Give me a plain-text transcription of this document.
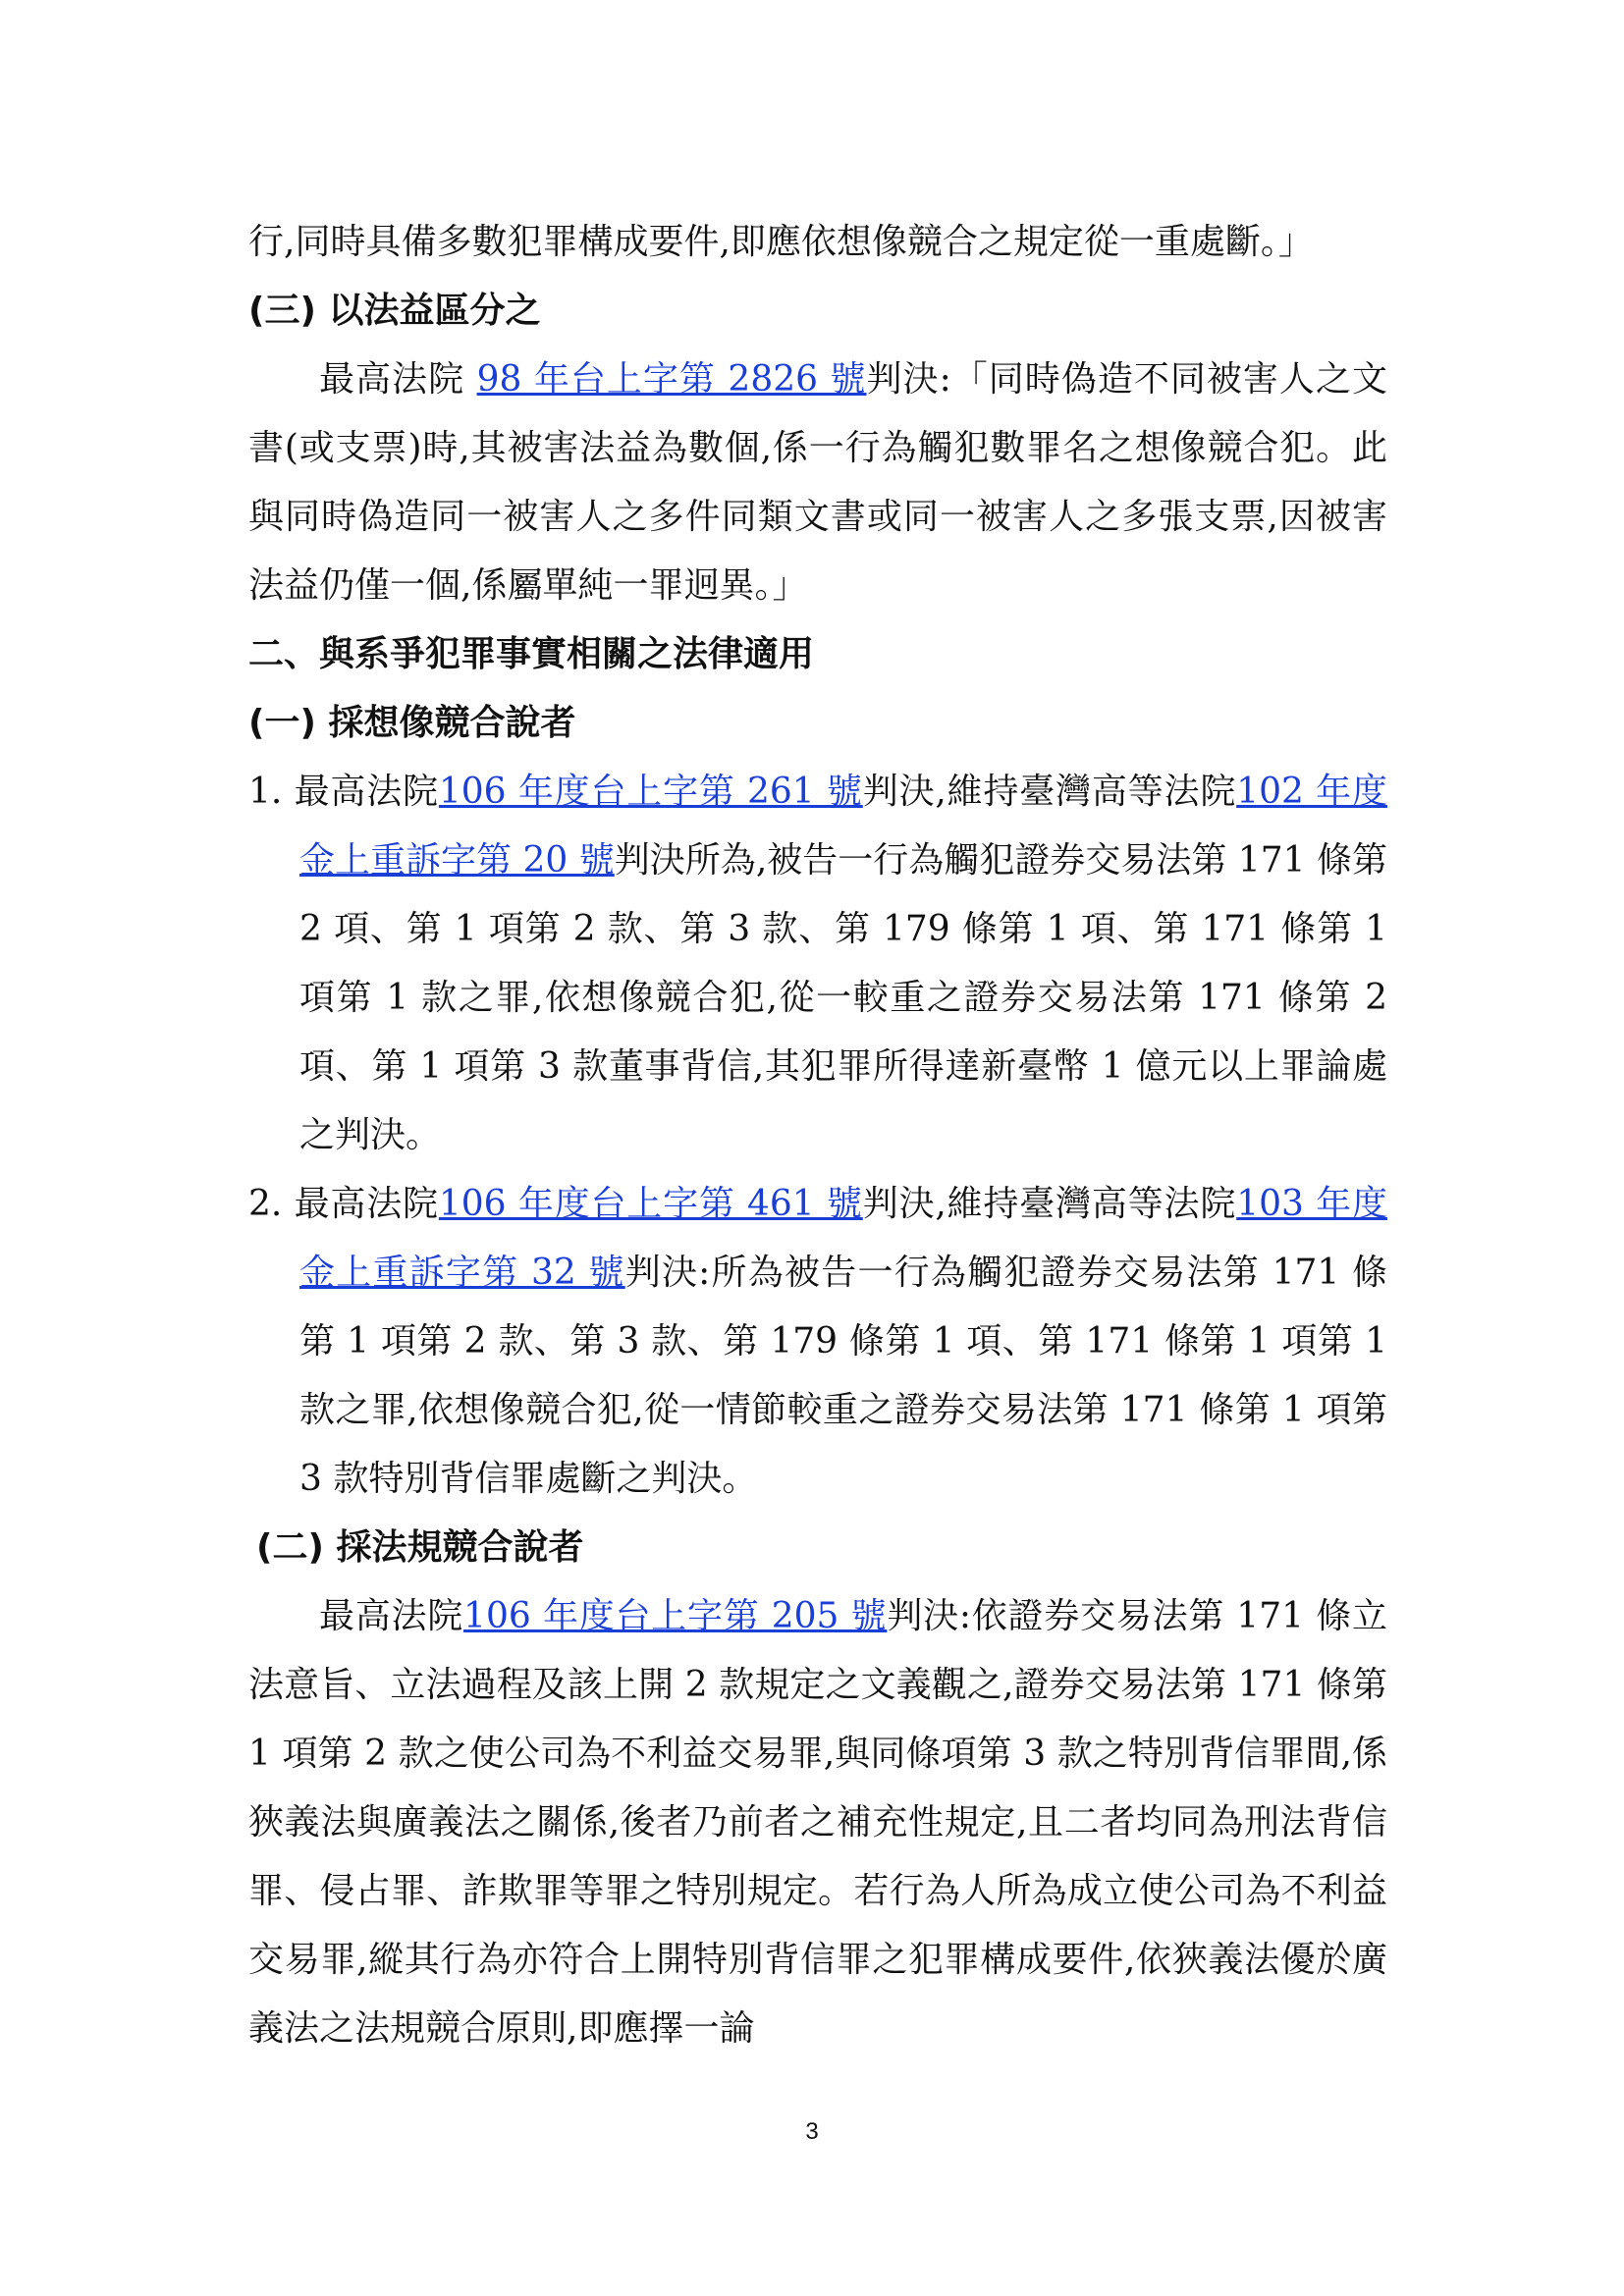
行,同時具備多數犯罪構成要件,即應依想像競合之規定從一重處斷。」

(三) 以法益區分之

最高法院 98 年台上字第 2826 號判決:「同時偽造不同被害人之文書(或支票)時,其被害法益為數個,係一行為觸犯數罪名之想像競合犯。此與同時偽造同一被害人之多件同類文書或同一被害人之多張支票,因被害法益仍僅一個,係屬單純一罪迥異。」

二、與系爭犯罪事實相關之法律適用

(一) 採想像競合說者

1. 最高法院106 年度台上字第 261 號判決,維持臺灣高等法院102 年度金上重訴字第 20 號判決所為,被告一行為觸犯證券交易法第 171 條第 2 項、第 1 項第 2 款、第 3 款、第 179 條第 1 項、第 171 條第 1 項第 1 款之罪,依想像競合犯,從一較重之證券交易法第 171 條第 2 項、第 1 項第 3 款董事背信,其犯罪所得達新臺幣 1 億元以上罪論處之判決。

2. 最高法院106 年度台上字第 461 號判決,維持臺灣高等法院103 年度金上重訴字第 32 號判決:所為被告一行為觸犯證券交易法第 171 條第 1 項第 2 款、第 3 款、第 179 條第 1 項、第 171 條第 1 項第 1 款之罪,依想像競合犯,從一情節較重之證券交易法第 171 條第 1 項第 3 款特別背信罪處斷之判決。

(二) 採法規競合說者

最高法院106 年度台上字第 205 號判決:依證券交易法第 171 條立法意旨、立法過程及該上開 2 款規定之文義觀之,證券交易法第 171 條第 1 項第 2 款之使公司為不利益交易罪,與同條項第 3 款之特別背信罪間,係狹義法與廣義法之關係,後者乃前者之補充性規定,且二者均同為刑法背信罪、侵占罪、詐欺罪等罪之特別規定。若行為人所為成立使公司為不利益交易罪,縱其行為亦符合上開特別背信罪之犯罪構成要件,依狹義法優於廣義法之法規競合原則,即應擇一論

3
